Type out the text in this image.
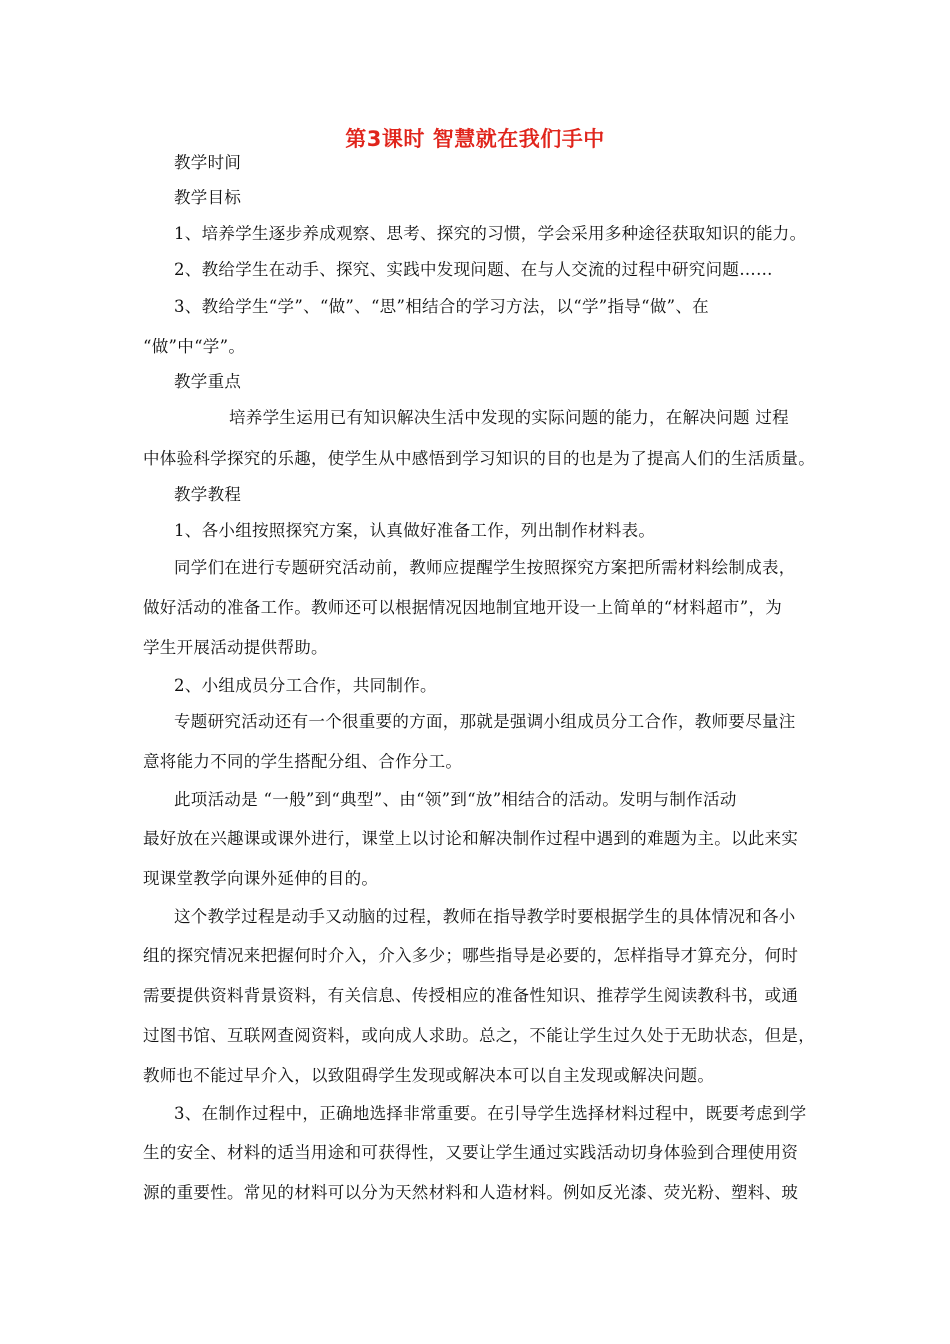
第3课时 智慧就在我们手中
教学时间
教学目标
1、培养学生逐步养成观察、思考、探究的习惯，学会采用多种途径获取知识的能力。
2、教给学生在动手、探究、实践中发现问题、在与人交流的过程中研究问题……
3、教给学生“学”、“做”、“思”相结合的学习方法，以“学”指导“做”、在
“做”中“学”。
教学重点
培养学生运用已有知识解决生活中发现的实际问题的能力，在解决问题 过程
中体验科学探究的乐趣，使学生从中感悟到学习知识的目的也是为了提高人们的生活质量。
教学教程
1、各小组按照探究方案，认真做好准备工作，列出制作材料表。
同学们在进行专题研究活动前，教师应提醒学生按照探究方案把所需材料绘制成表，
做好活动的准备工作。教师还可以根据情况因地制宜地开设一上简单的“材料超市”，为
学生开展活动提供帮助。
2、小组成员分工合作，共同制作。
专题研究活动还有一个很重要的方面，那就是强调小组成员分工合作，教师要尽量注
意将能力不同的学生搭配分组、合作分工。
此项活动是 “一般”到“典型”、由“领”到“放”相结合的活动。发明与制作活动
最好放在兴趣课或课外进行，课堂上以讨论和解决制作过程中遇到的难题为主。以此来实
现课堂教学向课外延伸的目的。
这个教学过程是动手又动脑的过程，教师在指导教学时要根据学生的具体情况和各小
组的探究情况来把握何时介入，介入多少；哪些指导是必要的，怎样指导才算充分，何时
需要提供资料背景资料，有关信息、传授相应的准备性知识、推荐学生阅读教科书，或通
过图书馆、互联网查阅资料，或向成人求助。总之，不能让学生过久处于无助状态，但是，
教师也不能过早介入，以致阻碍学生发现或解决本可以自主发现或解决问题。
3、在制作过程中，正确地选择非常重要。在引导学生选择材料过程中，既要考虑到学
生的安全、材料的适当用途和可获得性，又要让学生通过实践活动切身体验到合理使用资
源的重要性。常见的材料可以分为天然材料和人造材料。例如反光漆、荧光粉、塑料、玻
